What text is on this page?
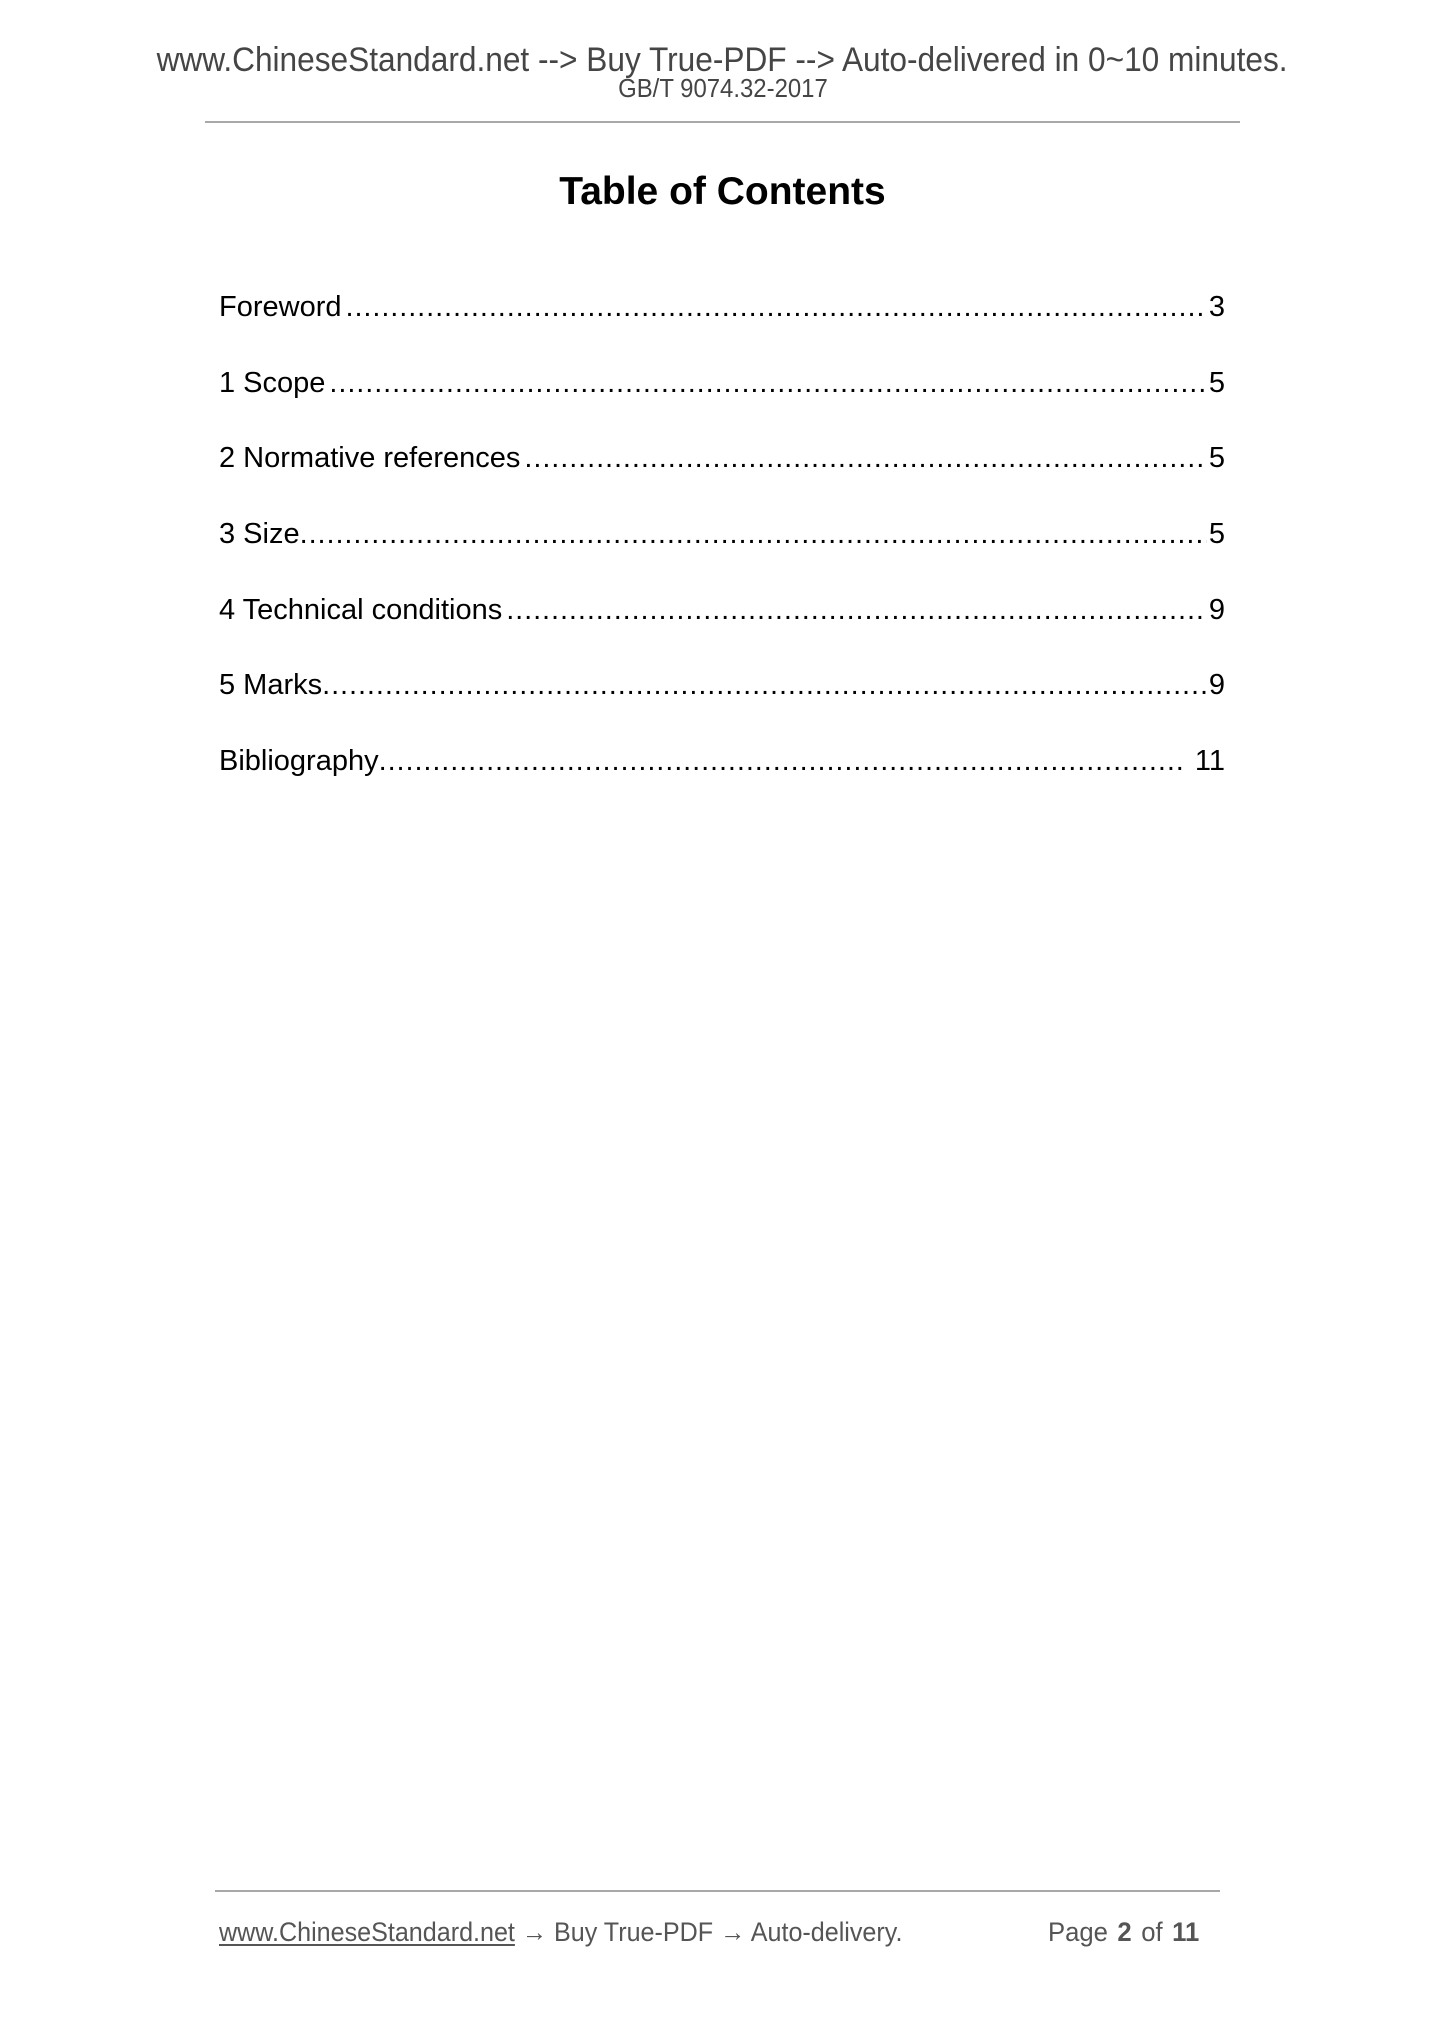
www.ChineseStandard.net --> Buy True-PDF --> Auto-delivered in 0~10 minutes.
GB/T 9074.32-2017
Table of Contents
Foreword .....	3
1 Scope .....	5
2 Normative references .....	5
3 Size .....	5
4 Technical conditions .....	9
5 Marks .....	9
Bibliography .....	11
www.ChineseStandard.net → Buy True-PDF → Auto-delivery.	Page 2 of 11
